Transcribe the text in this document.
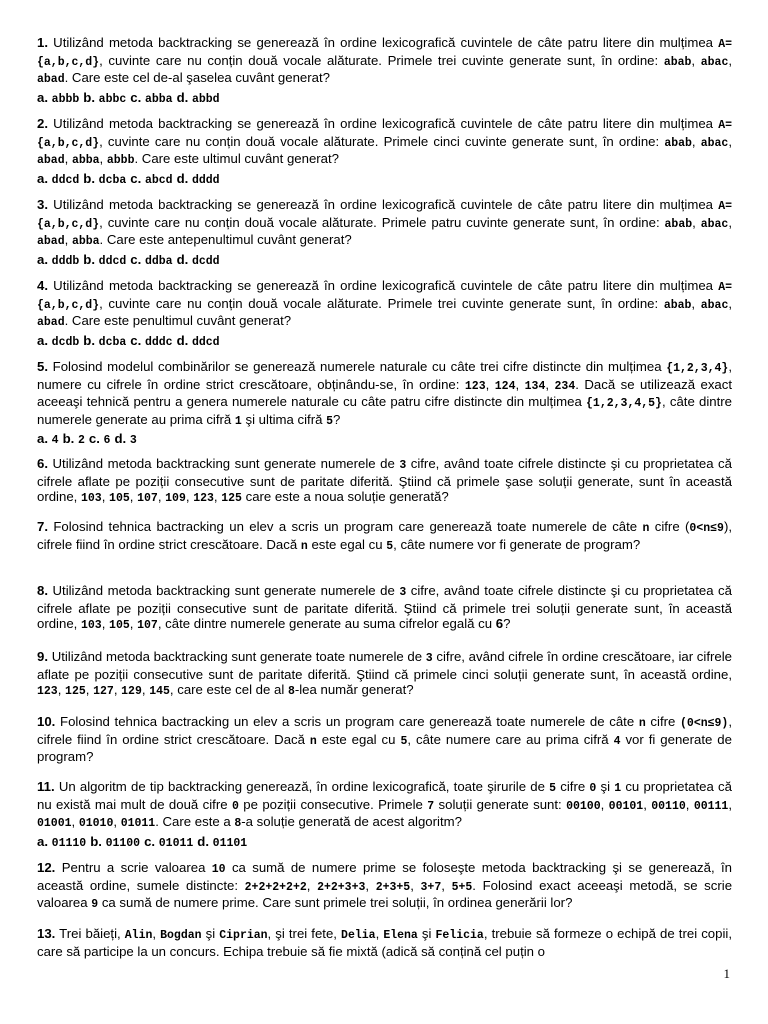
1. Utilizând metoda backtracking se generează în ordine lexicografică cuvintele de câte patru litere din mulțimea A={a,b,c,d}, cuvinte care nu conțin două vocale alăturate. Primele trei cuvinte generate sunt, în ordine: abab, abac, abad. Care este cel de-al şaselea cuvânt generat?

a. abbb b. abbc c. abba d. abbd

2. Utilizând metoda backtracking se generează în ordine lexicografică cuvintele de câte patru litere din mulțimea A={a,b,c,d}, cuvinte care nu conțin două vocale alăturate. Primele cinci cuvinte generate sunt, în ordine: abab, abac, abad, abba, abbb. Care este ultimul cuvânt generat?

a. ddcd b. dcba c. abcd d. dddd

3. Utilizând metoda backtracking se generează în ordine lexicografică cuvintele de câte patru litere din mulțimea A={a,b,c,d}, cuvinte care nu conțin două vocale alăturate. Primele patru cuvinte generate sunt, în ordine: abab, abac, abad, abba. Care este antepenultimul cuvânt generat?

a. dddb b. ddcd c. ddba d. dcdd

4. Utilizând metoda backtracking se generează în ordine lexicografică cuvintele de câte patru litere din mulțimea A={a,b,c,d}, cuvinte care nu conțin două vocale alăturate. Primele trei cuvinte generate sunt, în ordine: abab, abac, abad. Care este penultimul cuvânt generat?

a. dcdb b. dcba c. dddc d. ddcd

5. Folosind modelul combinărilor se generează numerele naturale cu câte trei cifre distincte din mulțimea {1,2,3,4}, numere cu cifrele în ordine strict crescătoare, obținându-se, în ordine: 123, 124, 134, 234. Dacă se utilizează exact aceeaşi tehnică pentru a genera numerele naturale cu câte patru cifre distincte din mulțimea {1,2,3,4,5}, câte dintre numerele generate au prima cifră 1 şi ultima cifră 5?

a. 4 b. 2 c. 6 d. 3

6. Utilizând metoda backtracking sunt generate numerele de 3 cifre, având toate cifrele distincte şi cu proprietatea că cifrele aflate pe poziții consecutive sunt de paritate diferită. Ştiind că primele şase soluții generate, sunt în această ordine, 103, 105, 107, 109, 123, 125 care este a noua soluție generată?

7. Folosind tehnica bactracking un elev a scris un program care generează toate numerele de câte n cifre (0<n≤9), cifrele fiind în ordine strict crescătoare. Dacă n este egal cu 5, câte numere vor fi generate de program?

8. Utilizând metoda backtracking sunt generate numerele de 3 cifre, având toate cifrele distincte şi cu proprietatea că cifrele aflate pe poziții consecutive sunt de paritate diferită. Ştiind că primele trei soluții generate sunt, în această ordine, 103, 105, 107, câte dintre numerele generate au suma cifrelor egală cu 6?

9. Utilizând metoda backtracking sunt generate toate numerele de 3 cifre, având cifrele în ordine crescătoare, iar cifrele aflate pe poziții consecutive sunt de paritate diferită. Ştiind că primele cinci soluții generate sunt, în această ordine, 123, 125, 127, 129, 145, care este cel de al 8-lea număr generat?

10. Folosind tehnica bactracking un elev a scris un program care generează toate numerele de câte n cifre (0<n≤9), cifrele fiind în ordine strict crescătoare. Dacă n este egal cu 5, câte numere care au prima cifră 4 vor fi generate de program?

11. Un algoritm de tip backtracking generează, în ordine lexicografică, toate şirurile de 5 cifre 0 şi 1 cu proprietatea că nu există mai mult de două cifre 0 pe poziții consecutive. Primele 7 soluții generate sunt: 00100, 00101, 00110, 00111, 01001, 01010, 01011. Care este a 8-a soluție generată de acest algoritm?

a. 01110 b. 01100 c. 01011 d. 01101

12. Pentru a scrie valoarea 10 ca sumă de numere prime se foloseşte metoda backtracking şi se generează, în această ordine, sumele distincte: 2+2+2+2+2, 2+2+3+3, 2+3+5, 3+7, 5+5. Folosind exact aceeaşi metodă, se scrie valoarea 9 ca sumă de numere prime. Care sunt primele trei soluții, în ordinea generării lor?

13. Trei băieți, Alin, Bogdan şi Ciprian, şi trei fete, Delia, Elena şi Felicia, trebuie să formeze o echipă de trei copii, care să participe la un concurs. Echipa trebuie să fie mixtă (adică să conțină cel puțin o

1
